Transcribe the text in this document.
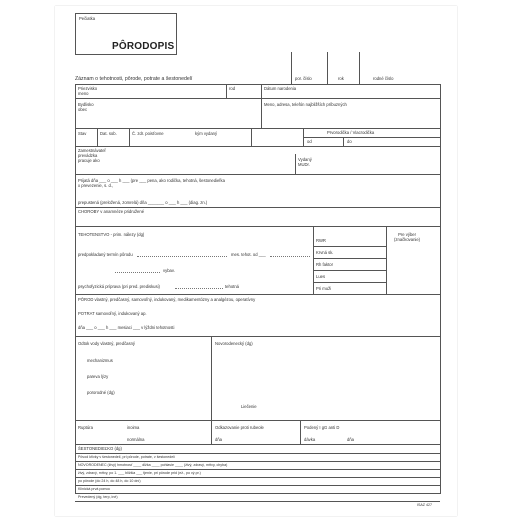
Pečiatka
PÔRODOPIS
Záznam o tehotnosti, pôrode, potrate a šestonedelí	por. číslo	rok	rodné číslo
Priezvisko
meno
rod	Dátum narodenia
Bydlisko
obec
Meno, adresa, telefón najbližších príbuzných
Stav	Dat. sob.	Č. zdr. poisťovne	kým vydaný	Prvorodička / Viacrodička
od	do
Zamestnávateľ
prevádzka
pracuje ako	Vydaný
MUDr.
Prijatá dňa ___ o ___ h ___ (pre ___ pena, ako rodička, tehotná, šestonedieľka
x prevezenie, s. d.,
prepustená (preložená, zomrelá) dňa _______ o ___ h ___ (diag. zn.)
CHOROBY v anamnéze pridružené
TEHOTENSTVO - prim. nálezy (dg)
predpokladaný termín pôrodu	mes. tehot. od ___
vybav.
psychofyzická príprava (pri pred. prediskusi)	tehotná
RWR
Krvná sk.
Rh faktor
Lues
Pri muži
Pre výber
(značkovanie)
PÔROD vlastný, predčasný, samovoľný, indukovaný, medikamentózny a analgézou, operatívny
POTRAT samovoľný, indukovaný ap.
dňa ___ o ___ h ___ mesiaci ___ v lýždni tehotnosti
Odtok vody vlastný, predčasný
mechanizmus
pareva lýzy
pororodné (dg)
Novorodenecký (dg)
Liečenie
Ruptúra	inoima
normálna
Odkazovanie proti rubeole
dňa
Podený I gG anti D
dávka	dňa
ŠESTONEDIEĽKO (dg)
Pôvod křivky v šestonedelí, pri pôrode, potrate, v šestonedelí
NOVORODENEC (živý) hmotnosť ____ dĺžka ____ pohlavie ____ (živý, zdravý, mŕtvy, chyba)
živý, zdravý, mŕtvy, po 1. ___ bližšia ___ tjenie, pri pôrode prid (ež., po vý.pr.)
po pôrode (do 24 h, do 48 h, do 10 dní)
Klinická prvá pomoc
Prevedený (dg, terp, iné)
ISAZ 427
